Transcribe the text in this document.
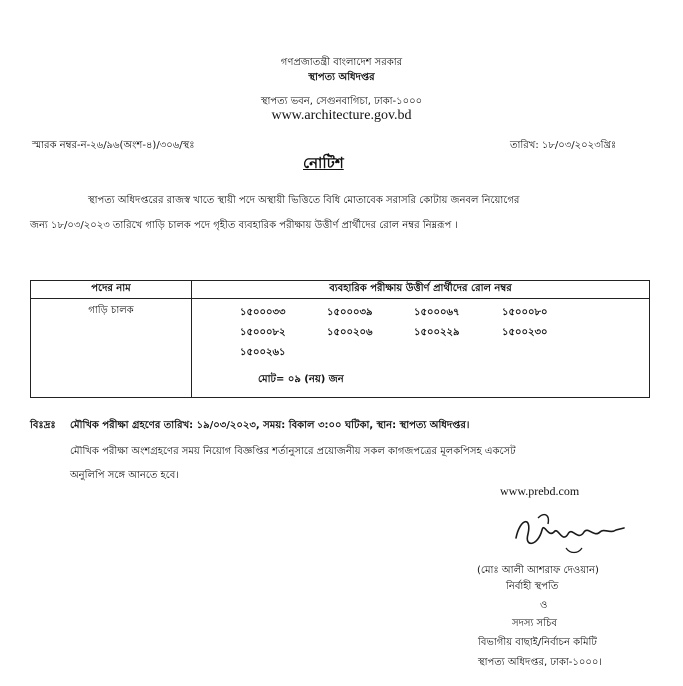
গণপ্রজাতন্ত্রী বাংলাদেশ সরকার
স্থাপত্য অধিদপ্তর
স্থাপত্য ভবন, সেগুনবাগিচা, ঢাকা-১০০০
www.architecture.gov.bd
স্মারক নম্বর-ন-২৬/৯৬(অংশ-৪)/৩০৬/স্থঃ	তারিখ: ১৮/০৩/২০২৩খ্রিঃ
নোটিশ
স্থাপত্য অধিদপ্তরের রাজস্ব খাতে স্থায়ী পদে অস্থায়ী ভিত্তিতে বিধি মোতাবেক সরাসরি কোটায় জনবল নিয়োগের
জন্য ১৮/০৩/২০২৩ তারিখে গাড়ি চালক পদে গৃহীত ব্যবহারিক পরীক্ষায় উত্তীর্ণ প্রার্থীদের রোল নম্বর নিম্নরূপ ।
পদের নাম	ব্যবহারিক পরীক্ষায় উত্তীর্ণ প্রার্থীদের রোল নম্বর
গাড়ি চালক		১৫০০০৩৩	১৫০০০৩৯	১৫০০০৬৭	১৫০০০৮০
১৫০০০৮২	১৫০০২০৬	১৫০০২২৯	১৫০০২৩০
১৫০০২৬১
মোট= ০৯ (নয়) জন
বিঃদ্রঃ মৌখিক পরীক্ষা গ্রহণের তারিখ: ১৯/০৩/২০২৩, সময়: বিকাল ৩:০০ ঘটিকা, স্থান: স্থাপত্য অধিদপ্তর।
মৌখিক পরীক্ষা অংশগ্রহণের সময় নিয়োগ বিজ্ঞপ্তির শর্তানুসারে প্রয়োজনীয় সকল কাগজপত্রের মূলকপিসহ একসেট
অনুলিপি সঙ্গে আনতে হবে।
www.prebd.com
(মোঃ আলী আশরাফ দেওয়ান)
নির্বাহী স্থপতি
ও
সদস্য সচিব
বিভাগীয় বাছাই/নির্বাচন কমিটি
স্থাপত্য অধিদপ্তর, ঢাকা-১০০০।
